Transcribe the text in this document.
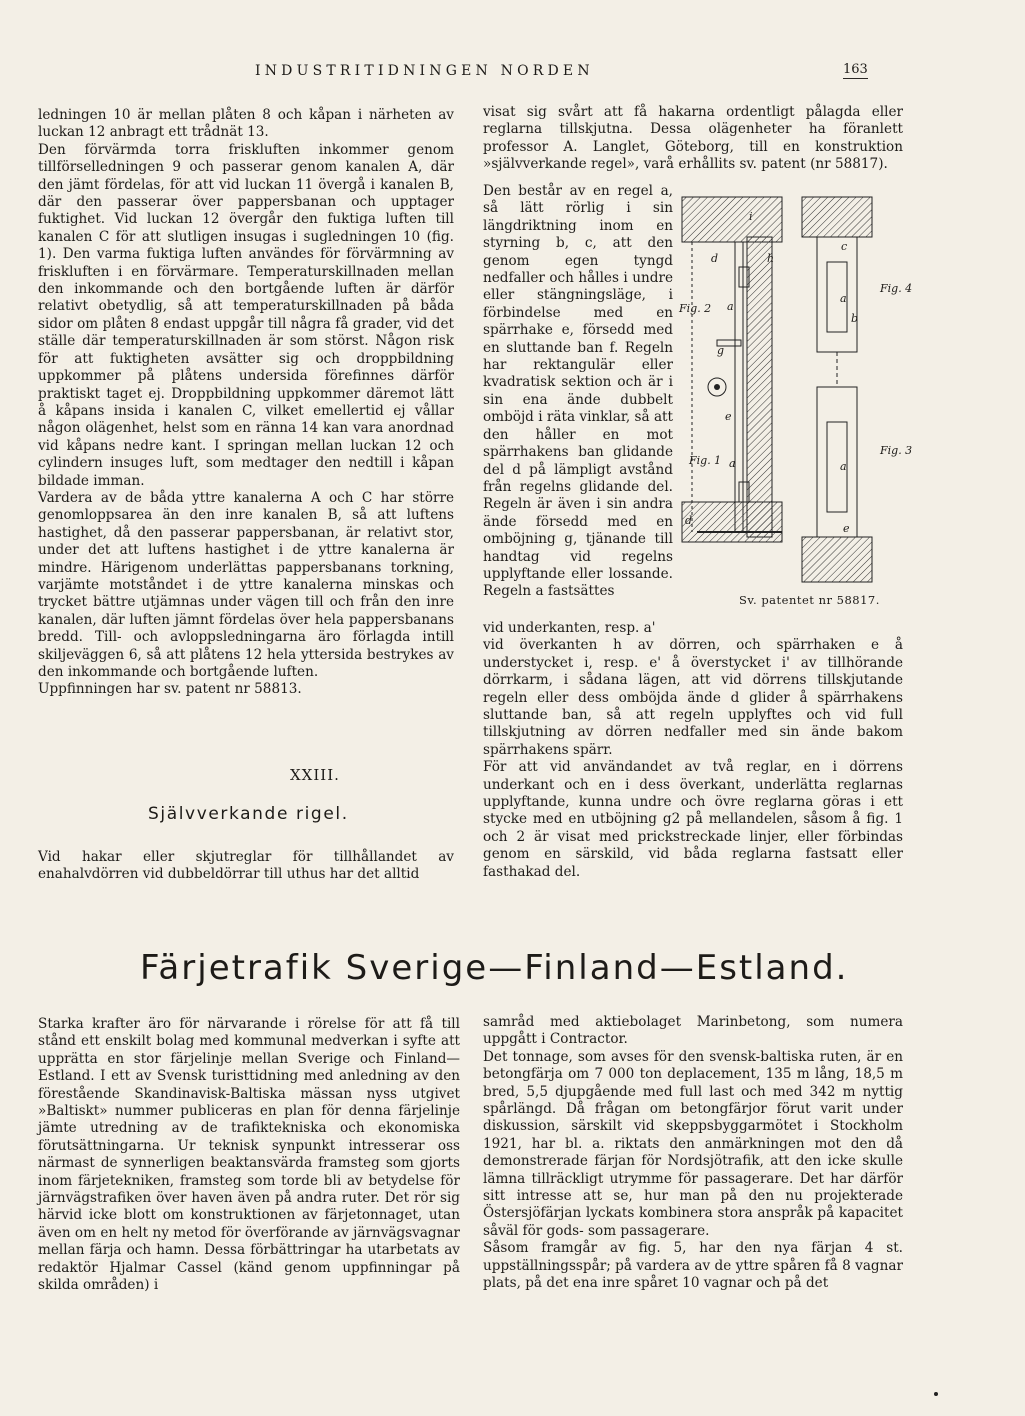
INDUSTRITIDNINGEN NORDEN	163

ledningen 10 är mellan plåten 8 och kåpan i närheten av luckan 12 anbragt ett trådnät 13.
Den förvärmda torra friskluften inkommer genom tillförselledningen 9 och passerar genom kanalen A, där den jämt fördelas, för att vid luckan 11 övergå i kanalen B, där den passerar över pappersbanan och upptager fuktighet. Vid luckan 12 övergår den fuktiga luften till kanalen C för att slutligen insugas i sugledningen 10 (fig. 1). Den varma fuktiga luften användes för förvärmning av friskluften i en förvärmare. Temperaturskillnaden mellan den inkommande och den bortgående luften är därför relativt obetydlig, så att temperaturskillnaden på båda sidor om plåten 8 endast uppgår till några få grader, vid det ställe där temperaturskillnaden är som störst. Någon risk för att fuktigheten avsätter sig och droppbildning uppkommer på plåtens undersida förefinnes därför praktiskt taget ej. Droppbildning uppkommer däremot lätt å kåpans insida i kanalen C, vilket emellertid ej vållar någon olägenhet, helst som en ränna 14 kan vara anordnad vid kåpans nedre kant. I springan mellan luckan 12 och cylindern insuges luft, som medtager den nedtill i kåpan bildade imman.
Vardera av de båda yttre kanalerna A och C har större genomloppsarea än den inre kanalen B, så att luftens hastighet, då den passerar pappersbanan, är relativt stor, under det att luftens hastighet i de yttre kanalerna är mindre. Härigenom underlättas pappersbanans torkning, varjämte motståndet i de yttre kanalerna minskas och trycket bättre utjämnas under vägen till och från den inre kanalen, där luften jämnt fördelas över hela pappersbanans bredd. Till- och avloppsledningarna äro förlagda intill skiljeväggen 6, så att plåtens 12 hela yttersida bestrykes av den inkommande och bortgående luften.
Uppfinningen har sv. patent nr 58813.

XXIII.
Självverkande rigel.

Vid hakar eller skjutreglar för tillhållandet av enahalvdörren vid dubbeldörrar till uthus har det alltid

visat sig svårt att få hakarna ordentligt pålagda eller reglarna tillskjutna. Dessa olägenheter ha föranlett professor A. Langlet, Göteborg, till en konstruktion »självverkande regel», varå erhållits sv. patent (nr 58817).

Den består av en regel a, så lätt rörlig i sin längdriktning inom en styrning b, c, att den genom egen tyngd nedfaller och hålles i undre eller stängningsläge, i förbindelse med en spärrhake e, försedd med en sluttande ban f. Regeln har rektangulär eller kvadratisk sektion och är i sin ena ände dubbelt omböjd i räta vinklar, så att den håller en mot spärrhakens ban glidande del d på lämpligt avstånd från regelns glidande del. Regeln är även i sin andra ände försedd med en omböjning g, tjänande till handtag vid regelns upplyftande eller lossande. Regeln a fastsättes

vid underkanten, resp. a'
vid överkanten h av dörren, och spärrhaken e å understycket i, resp. e' å överstycket i' av tillhörande dörrkarm, i sådana lägen, att vid dörrens tillskjutande regeln eller dess omböjda ände d glider å spärrhakens sluttande ban, så att regeln upplyftes och vid full tillskjutning av dörren nedfaller med sin ände bakom spärrhakens spärr.
För att vid användandet av två reglar, en i dörrens underkant och en i dess överkant, underlätta reglarnas upplyftande, kunna undre och övre reglarna göras i ett stycke med en utböjning g2 på mellandelen, såsom å fig. 1 och 2 är visat med prickstreckade linjer, eller förbindas genom en särskild, vid båda reglarna fastsatt eller fasthakad del.

Fig. 2
Fig. 1
Fig. 4
Fig. 3
a
i
d	h
g
e
a
d
c
a
b
a
e
Sv. patentet nr 58817.
Färjetrafik Sverige—Finland—Estland.

Starka krafter äro för närvarande i rörelse för att få till stånd ett enskilt bolag med kommunal medverkan i syfte att upprätta en stor färjelinje mellan Sverige och Finland—Estland. I ett av Svensk turisttidning med anledning av den förestående Skandinavisk-Baltiska mässan nyss utgivet »Baltiskt» nummer publiceras en plan för denna färjelinje jämte utredning av de trafiktekniska och ekonomiska förutsättningarna. Ur teknisk synpunkt intresserar oss närmast de synnerligen beaktansvärda framsteg som gjorts inom färjetekniken, framsteg som torde bli av betydelse för järnvägstrafiken över haven även på andra ruter. Det rör sig härvid icke blott om konstruktionen av färjetonnaget, utan även om en helt ny metod för överförande av järnvägsvagnar mellan färja och hamn. Dessa förbättringar ha utarbetats av redaktör Hjalmar Cassel (känd genom uppfinningar på skilda områden) i

samråd med aktiebolaget Marinbetong, som numera uppgått i Contractor.
Det tonnage, som avses för den svensk-baltiska ruten, är en betongfärja om 7 000 ton deplacement, 135 m lång, 18,5 m bred, 5,5 djupgående med full last och med 342 m nyttig spårlängd. Då frågan om betongfärjor förut varit under diskussion, särskilt vid skeppsbyggarmötet i Stockholm 1921, har bl. a. riktats den anmärkningen mot den då demonstrerade färjan för Nordsjötrafik, att den icke skulle lämna tillräckligt utrymme för passagerare. Det har därför sitt intresse att se, hur man på den nu projekterade Östersjöfärjan lyckats kombinera stora anspråk på kapacitet såväl för gods- som passagerare.
Såsom framgår av fig. 5, har den nya färjan 4 st. uppställningsspår; på vardera av de yttre spåren få 8 vagnar plats, på det ena inre spåret 10 vagnar och på det
